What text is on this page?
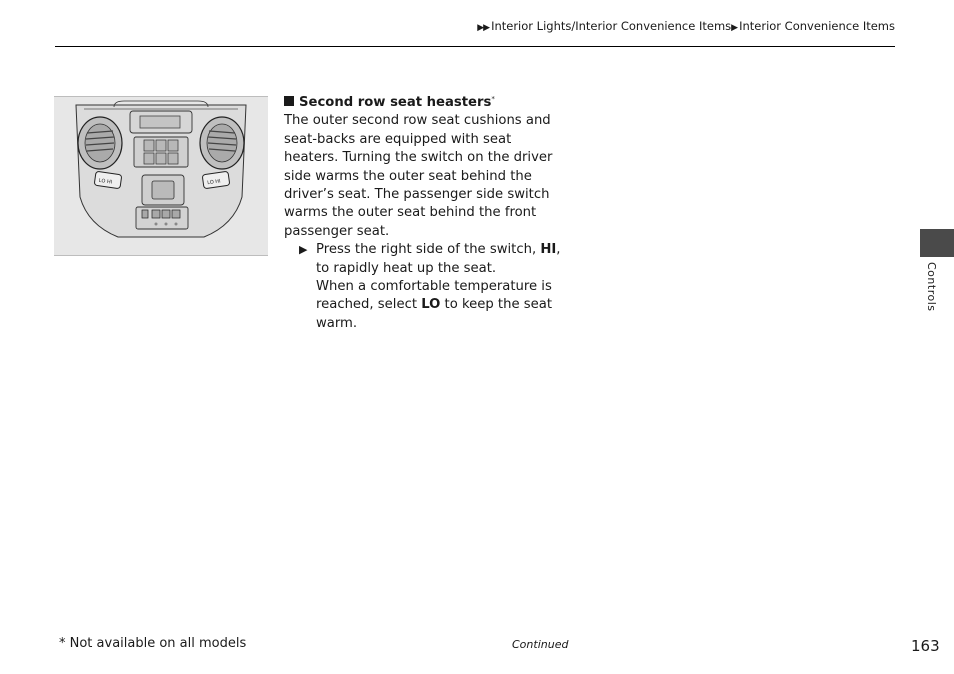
▶▶ Interior Lights/Interior Convenience Items▶ Interior Convenience Items
LO HI	LO HI
Second row seat heasters*

The outer second row seat cushions and seat-backs are equipped with seat heaters. Turning the switch on the driver side warms the outer seat behind the driver’s seat. The passenger side switch warms the outer seat behind the front passenger seat.

▶ Press the right side of the switch, HI, to rapidly heat up the seat.
When a comfortable temperature is reached, select LO to keep the seat warm.
Controls
* Not available on all models	Continued	163
